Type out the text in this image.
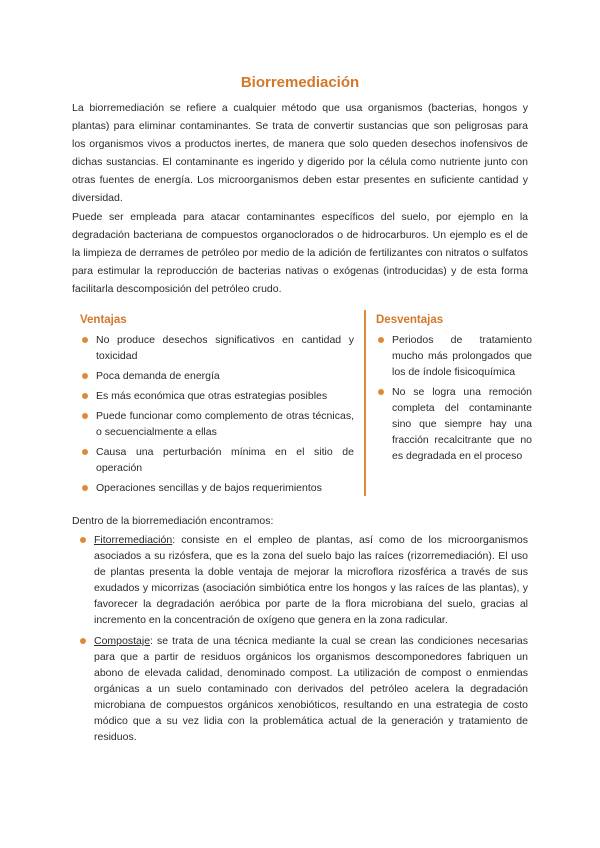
Biorremediación

La biorremediación se refiere a cualquier método que usa organismos (bacterias, hongos y plantas) para eliminar contaminantes. Se trata de convertir sustancias que son peligrosas para los organismos vivos a productos inertes, de manera que solo queden desechos inofensivos de dichas sustancias. El contaminante es ingerido y digerido por la célula como nutriente junto con otras fuentes de energía. Los microorganismos deben estar presentes en suficiente cantidad y diversidad.

Puede ser empleada para atacar contaminantes específicos del suelo, por ejemplo en la degradación bacteriana de compuestos organoclorados o de hidrocarburos. Un ejemplo es el de la limpieza de derrames de petróleo por medio de la adición de fertilizantes con nitratos o sulfatos para estimular la reproducción de bacterias nativas o exógenas (introducidas) y de esta forma facilitarla descomposición del petróleo crudo.

Ventajas
No produce desechos significativos en cantidad y toxicidad
Poca demanda de energía
Es más económica que otras estrategias posibles
Puede funcionar como complemento de otras técnicas, o secuencialmente a ellas
Causa una perturbación mínima en el sitio de operación
Operaciones sencillas y de bajos requerimientos
Desventajas
Periodos de tratamiento mucho más prolongados que los de índole fisicoquímica
No se logra una remoción completa del contaminante sino que siempre hay una fracción recalcitrante que no es degradada en el proceso
Dentro de la biorremediación encontramos:
Fitorremediación: consiste en el empleo de plantas, así como de los microorganismos asociados a su rizósfera, que es la zona del suelo bajo las raíces (rizorremediación). El uso de plantas presenta la doble ventaja de mejorar la microflora rizosférica a través de sus exudados y micorrizas (asociación simbiótica entre los hongos y las raíces de las plantas), y favorecer la degradación aeróbica por parte de la flora microbiana del suelo, gracias al incremento en la concentración de oxígeno que genera en la zona radicular.
Compostaje: se trata de una técnica mediante la cual se crean las condiciones necesarias para que a partir de residuos orgánicos los organismos descomponedores fabriquen un abono de elevada calidad, denominado compost. La utilización de compost o enmiendas orgánicas a un suelo contaminado con derivados del petróleo acelera la degradación microbiana de compuestos orgánicos xenobióticos, resultando en una estrategia de costo módico que a su vez lidia con la problemática actual de la generación y tratamiento de residuos.
